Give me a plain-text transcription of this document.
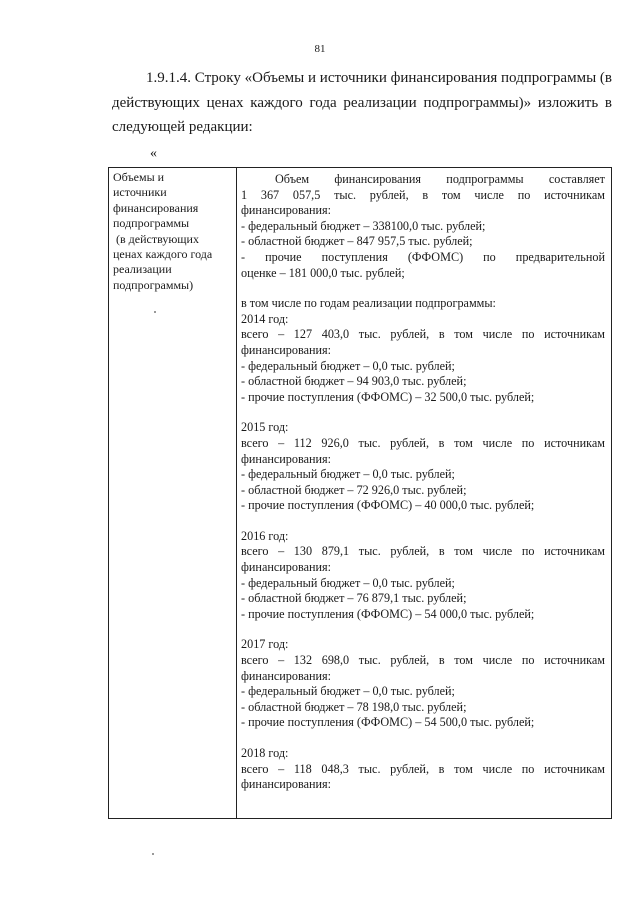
81

1.9.1.4. Строку «Объемы и источники финансирования подпрограммы (в действующих ценах каждого года реализации подпрограммы)» изложить в следующей редакции:

«
Объемы и
источники
финансирования
подпрограммы
(в действующих
ценах каждого года
реализации
подпрограммы)
Объем финансирования подпрограммы составляет
1 367 057,5 тыс. рублей, в том числе по источникам
финансирования:
- федеральный бюджет – 338100,0 тыс. рублей;
- областной бюджет – 847 957,5 тыс. рублей;
- прочие поступления (ФФОМС) по предварительной
оценке – 181 000,0 тыс. рублей;
в том числе по годам реализации подпрограммы:
2014 год:
всего – 127 403,0 тыс. рублей, в том числе по источникам
финансирования:
- федеральный бюджет – 0,0 тыс. рублей;
- областной бюджет – 94 903,0 тыс. рублей;
- прочие поступления (ФФОМС) – 32 500,0 тыс. рублей;
2015 год:
всего – 112 926,0 тыс. рублей, в том числе по источникам
финансирования:
- федеральный бюджет – 0,0 тыс. рублей;
- областной бюджет – 72 926,0 тыс. рублей;
- прочие поступления (ФФОМС) – 40 000,0 тыс. рублей;
2016 год:
всего – 130 879,1 тыс. рублей, в том числе по источникам
финансирования:
- федеральный бюджет – 0,0 тыс. рублей;
- областной бюджет – 76 879,1 тыс. рублей;
- прочие поступления (ФФОМС) – 54 000,0 тыс. рублей;
2017 год:
всего – 132 698,0 тыс. рублей, в том числе по источникам
финансирования:
- федеральный бюджет – 0,0 тыс. рублей;
- областной бюджет – 78 198,0 тыс. рублей;
- прочие поступления (ФФОМС) – 54 500,0 тыс. рублей;
2018 год:
всего – 118 048,3 тыс. рублей, в том числе по источникам
финансирования:
